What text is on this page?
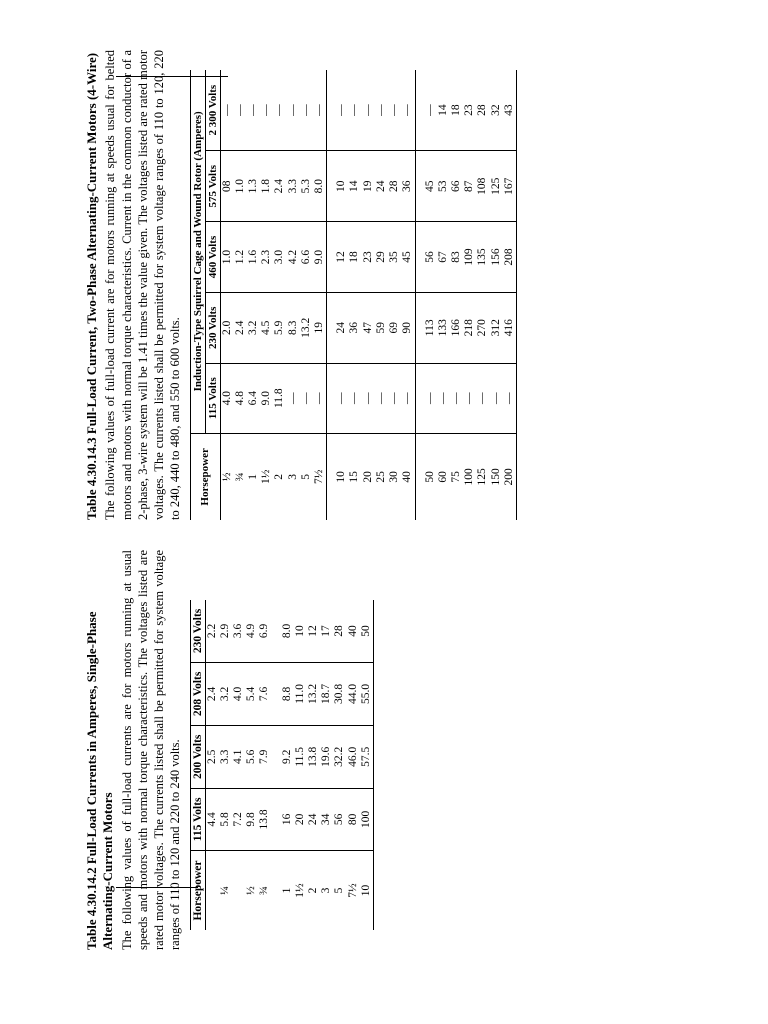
Table 4.30.14.2 Full-Load Currents in Amperes, Single-Phase Alternating-Current Motors The following values of full-load currents are for motors running at usual speeds and motors with normal torque characteristics. The voltages listed are rated motor voltages. The currents listed shall be permitted for system voltage ranges of 110 to 120 and 220 to 240 volts. Horsepower	115 Volts	200 Volts	208 Volts	230 Volts
	4.4	2.5	2.4	2.2
¼	5.8	3.3	3.2	2.9
	7.2	4.1	4.0	3.6
½	9.8	5.6	5.4	4.9
¾	13.8	7.9	7.6	6.9

1	16	9.2	8.8	8.0
1½	20	11.5	11.0	10
2	24	13.8	13.2	12
3	34	19.6	18.7	17
5	56	32.2	30.8	28
7½	80	46.0	44.0	40
10	100	57.5	55.0	50

Table 4.30.14.3 Full-Load Current, Two-Phase Alternating-Current Motors (4-Wire) The following values of full-load current are for motors running at speeds usual for belted motors and motors with normal torque characteristics. Current in the common conductor of a 2-phase, 3-wire system will be 1.41 times the value given. The voltages listed are rated motor voltages. The currents listed shall be permitted for system voltage ranges of 110 to 120, 220 to 240, 440 to 480, and 550 to 600 volts. Horsepower	Induction-Type Squirrel Cage and Wound Rotor (Amperes)				
	115 Volts	230 Volts	460 Volts	575 Volts	2 300 Volts
½	4.0	2.0	1.0	08	—
¾	4.8	2.4	1.2	1.0	—
1	6.4	3.2	1.6	1.3	—
1½	9.0	4.5	2.3	1.8	—
2	11.8	5.9	3.0	2.4	—
3	—	8.3	4.2	3.3	—
5	—	13.2	6.6	5.3	—
7½	—	19	9.0	8.0	—

10	—	24	12	10	—
15	—	36	18	14	—
20	—	47	23	19	—
25	—	59	29	24	—
30	—	69	35	28	—
40	—	90	45	36	—

50	—	113	56	45	—
60	—	133	67	53	14
75	—	166	83	66	18
100	—	218	109	87	23
125	—	270	135	108	28
150	—	312	156	125	32
200	—	416	208	167	43
